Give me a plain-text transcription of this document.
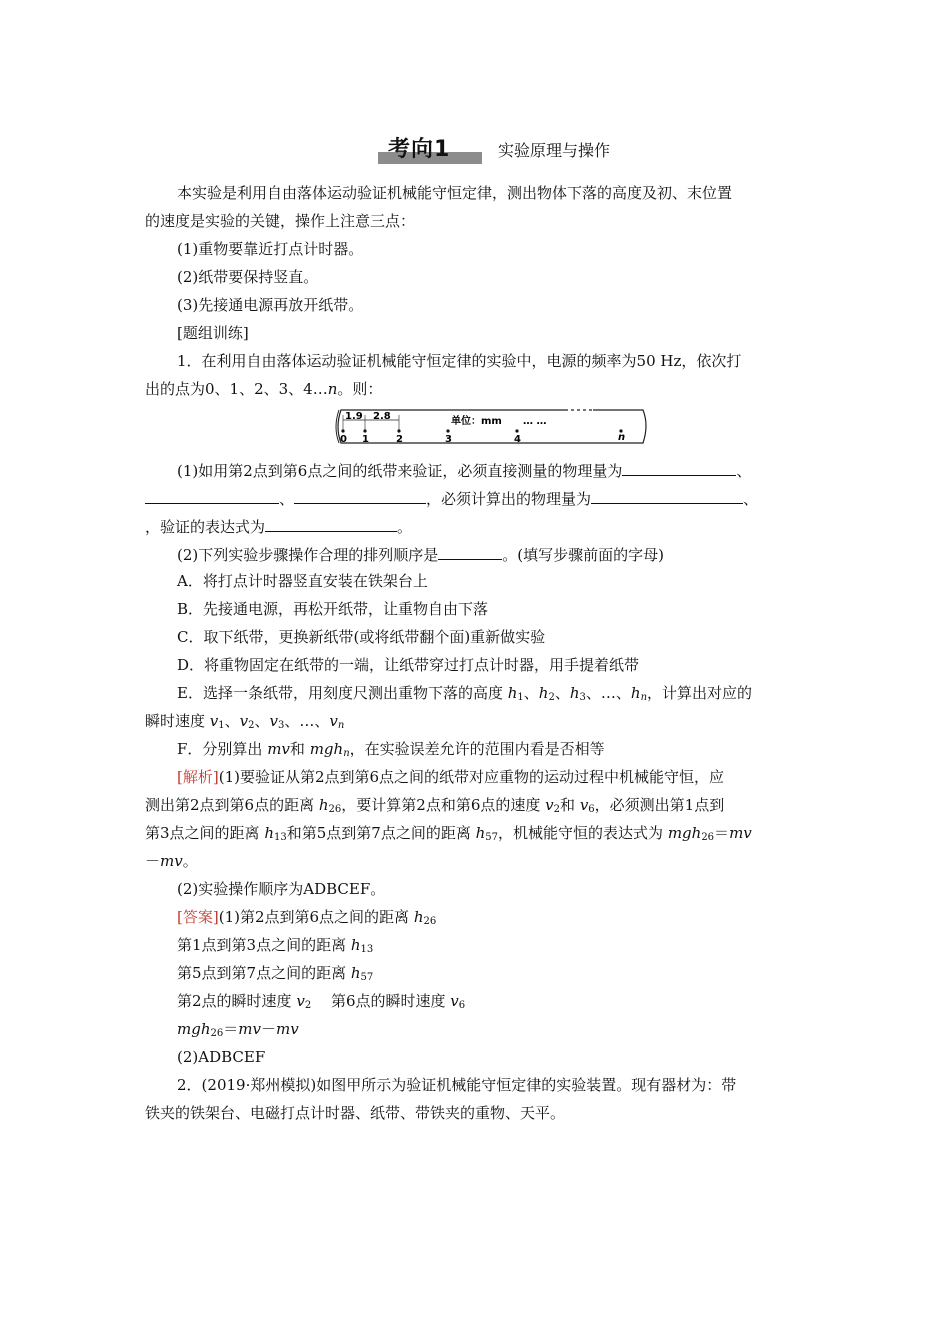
考向1	实验原理与操作
本实验是利用自由落体运动验证机械能守恒定律，测出物体下落的高度及初、末位置
的速度是实验的关键，操作上注意三点：
(1)重物要靠近打点计时器。
(2)纸带要保持竖直。
(3)先接通电源再放开纸带。
[题组训练]
1．在利用自由落体运动验证机械能守恒定律的实验中，电源的频率为50 Hz，依次打
出的点为0、1、2、3、4…n。则：
1.9 2.8	单位：mm … …
0 1	2	3	4	n
(1)如用第2点到第6点之间的纸带来验证，必须直接测量的物理量为	、
、	，必须计算出的物理量为	、
，验证的表达式为	。
(2)下列实验步骤操作合理的排列顺序是	。(填写步骤前面的字母)
A．将打点计时器竖直安装在铁架台上
B．先接通电源，再松开纸带，让重物自由下落
C．取下纸带，更换新纸带(或将纸带翻个面)重新做实验
D．将重物固定在纸带的一端，让纸带穿过打点计时器，用手提着纸带
E．选择一条纸带，用刻度尺测出重物下落的高度 $h_1$、$h_2$、$h_3$、…、$h_n$，计算出对应的
瞬时速度 $v_1$、$v_2$、$v_3$、…、$v_n$
F．分别算出 mv和 mgh$_n$，在实验误差允许的范围内看是否相等
[解析](1)要验证从第2点到第6点之间的纸带对应重物的运动过程中机械能守恒，应
测出第2点到第6点的距离 $h_{26}$，要计算第2点和第6点的速度 $v_2$和 $v_6$，必须测出第1点到
第3点之间的距离 $h_{13}$和第5点到第7点之间的距离 $h_{57}$，机械能守恒的表达式为 mgh$_{26}$＝mv
－mv。
(2)实验操作顺序为ADBCEF。
[答案](1)第2点到第6点之间的距离 $h_{26}$
第1点到第3点之间的距离 $h_{13}$
第5点到第7点之间的距离 $h_{57}$
第2点的瞬时速度 $v_2$　 第6点的瞬时速度 $v_6$
mgh$_{26}$＝mv－mv
(2)ADBCEF
2．(2019·郑州模拟)如图甲所示为验证机械能守恒定律的实验装置。现有器材为：带
铁夹的铁架台、电磁打点计时器、纸带、带铁夹的重物、天平。
